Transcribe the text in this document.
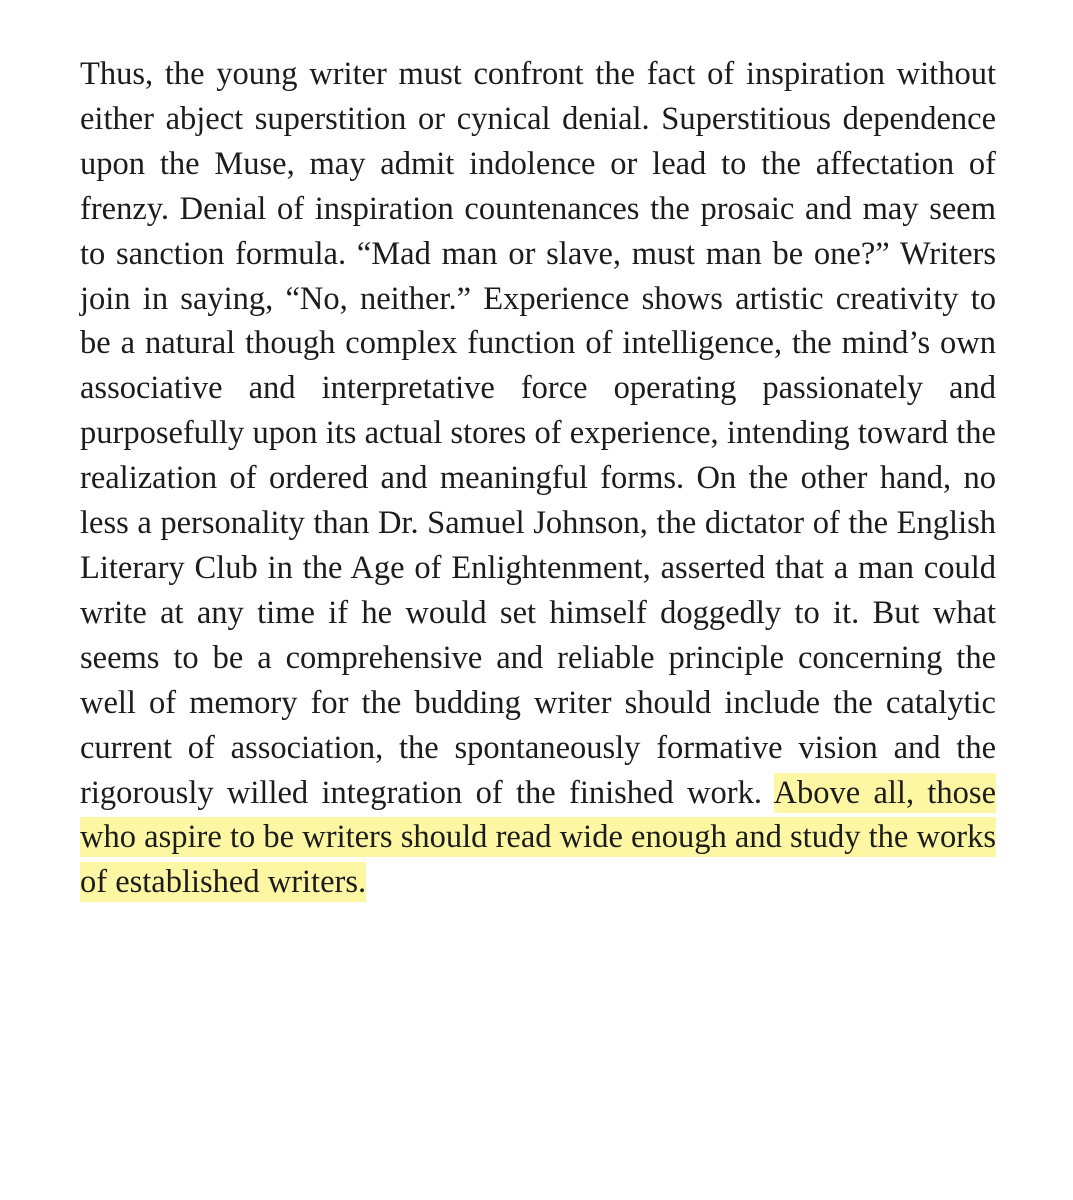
Thus, the young writer must confront the fact of inspiration without either abject superstition or cynical denial. Superstitious dependence upon the Muse, may admit indolence or lead to the affectation of frenzy. Denial of inspiration countenances the prosaic and may seem to sanction formula. “Mad man or slave, must man be one?” Writers join in saying, “No, neither.” Experience shows artistic creativity to be a natural though complex function of intelligence, the mind’s own associative and interpretative force operating passionately and purposefully upon its actual stores of experience, intending toward the realization of ordered and meaningful forms. On the other hand, no less a personality than Dr. Samuel Johnson, the dictator of the English Literary Club in the Age of Enlightenment, asserted that a man could write at any time if he would set himself doggedly to it. But what seems to be a comprehensive and reliable principle concerning the well of memory for the budding writer should include the catalytic current of association, the spontaneously formative vision and the rigorously willed integration of the finished work. Above all, those who aspire to be writers should read wide enough and study the works of established writers.
